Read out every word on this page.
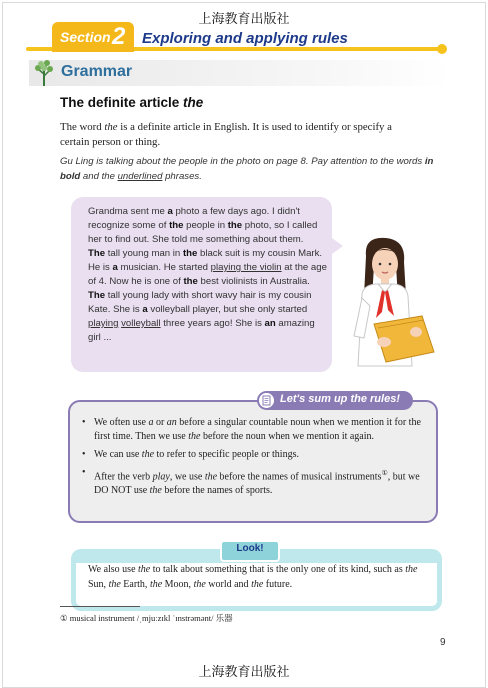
上海教育出版社
Section 2 Exploring and applying rules
Grammar
The definite article the
The word the is a definite article in English. It is used to identify or specify a certain person or thing.
Gu Ling is talking about the people in the photo on page 8. Pay attention to the words in bold and the underlined phrases.

Grandma sent me a photo a few days ago. I didn't recognize some of the people in the photo, so I called her to find out. She told me something about them.

The tall young man in the black suit is my cousin Mark. He is a musician. He started playing the violin at the age of 4. Now he is one of the best violinists in Australia. The tall young lady with short wavy hair is my cousin Kate. She is a volleyball player, but she only started playing volleyball three years ago! She is an amazing girl ...

Let's sum up the rules!
• We often use a or an before a singular countable noun when we mention it for the first time. Then we use the before the noun when we mention it again.
• We can use the to refer to specific people or things.
• After the verb play, we use the before the names of musical instruments①, but we DO NOT use the before the names of sports.
Look!
We also use the to talk about something that is the only one of its kind, such as the Sun, the Earth, the Moon, the world and the future.
① musical instrument /ˌmjuːzɪkl ˈɪnstrəmənt/ 乐器
9
上海教育出版社
